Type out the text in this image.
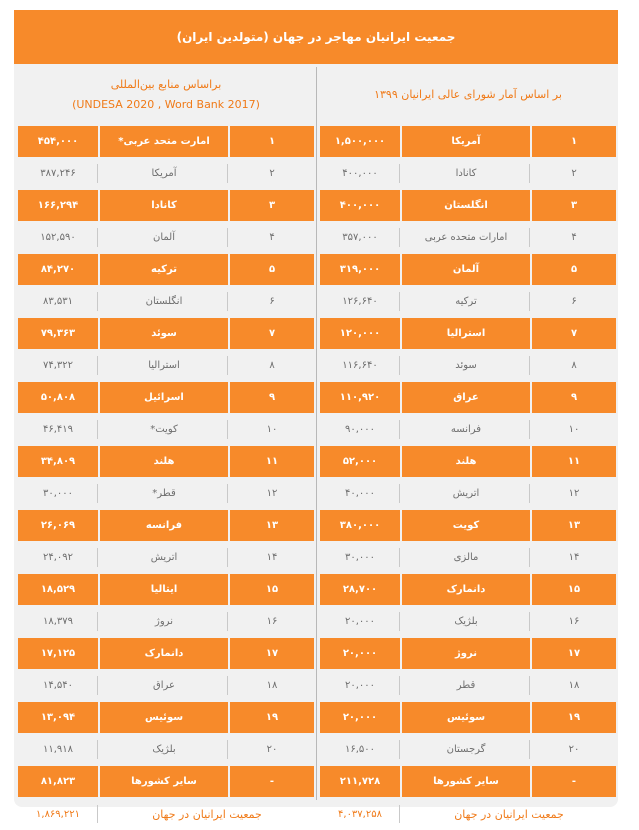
جمعیت ایرانیان مهاجر در جهان (متولدین ایران)
براساس منابع بین‌المللی
(UNDESA 2020 , Word Bank 2017)
۴۵۴,۰۰۰	امارت متحد عربی*	۱
۳۸۷,۲۴۶	آمریکا	۲
۱۶۶,۲۹۴	کانادا	۳
۱۵۲,۵۹۰	آلمان	۴
۸۴,۲۷۰	ترکیه	۵
۸۳,۵۳۱	انگلستان	۶
۷۹,۳۶۳	سوئد	۷
۷۴,۳۲۲	استرالیا	۸
۵۰,۸۰۸	اسرائیل	۹
۴۶,۴۱۹	کویت*	۱۰
۳۴,۸۰۹	هلند	۱۱
۳۰,۰۰۰	قطر*	۱۲
۲۶,۰۶۹	فرانسه	۱۳
۲۴,۰۹۲	اتریش	۱۴
۱۸,۵۲۹	ایتالیا	۱۵
۱۸,۳۷۹	نروژ	۱۶
۱۷,۱۲۵	دانمارک	۱۷
۱۴,۵۴۰	عراق	۱۸
۱۳,۰۹۴	سوئیس	۱۹
۱۱,۹۱۸	بلژیک	۲۰
۸۱,۸۲۳	سایر کشورها	-
۱,۸۶۹,۲۲۱	جمعیت ایرانیان در جهان
بر اساس آمار شورای عالی ایرانیان ۱۳۹۹
۱,۵۰۰,۰۰۰	آمریکا	۱
۴۰۰,۰۰۰	کانادا	۲
۴۰۰,۰۰۰	انگلستان	۳
۳۵۷,۰۰۰	امارات متحده عربی	۴
۳۱۹,۰۰۰	آلمان	۵
۱۲۶,۶۴۰	ترکیه	۶
۱۲۰,۰۰۰	استرالیا	۷
۱۱۶,۶۴۰	سوئد	۸
۱۱۰,۹۲۰	عراق	۹
۹۰,۰۰۰	فرانسه	۱۰
۵۲,۰۰۰	هلند	۱۱
۴۰,۰۰۰	اتریش	۱۲
۳۸۰,۰۰۰	کویت	۱۳
۳۰,۰۰۰	مالزی	۱۴
۲۸,۷۰۰	دانمارک	۱۵
۲۰,۰۰۰	بلژیک	۱۶
۲۰,۰۰۰	نروژ	۱۷
۲۰,۰۰۰	قطر	۱۸
۲۰,۰۰۰	سوئیس	۱۹
۱۶,۵۰۰	گرجستان	۲۰
۲۱۱,۷۲۸	سایر کشورها	-
۴,۰۳۷,۲۵۸	جمعیت ایرانیان در جهان
